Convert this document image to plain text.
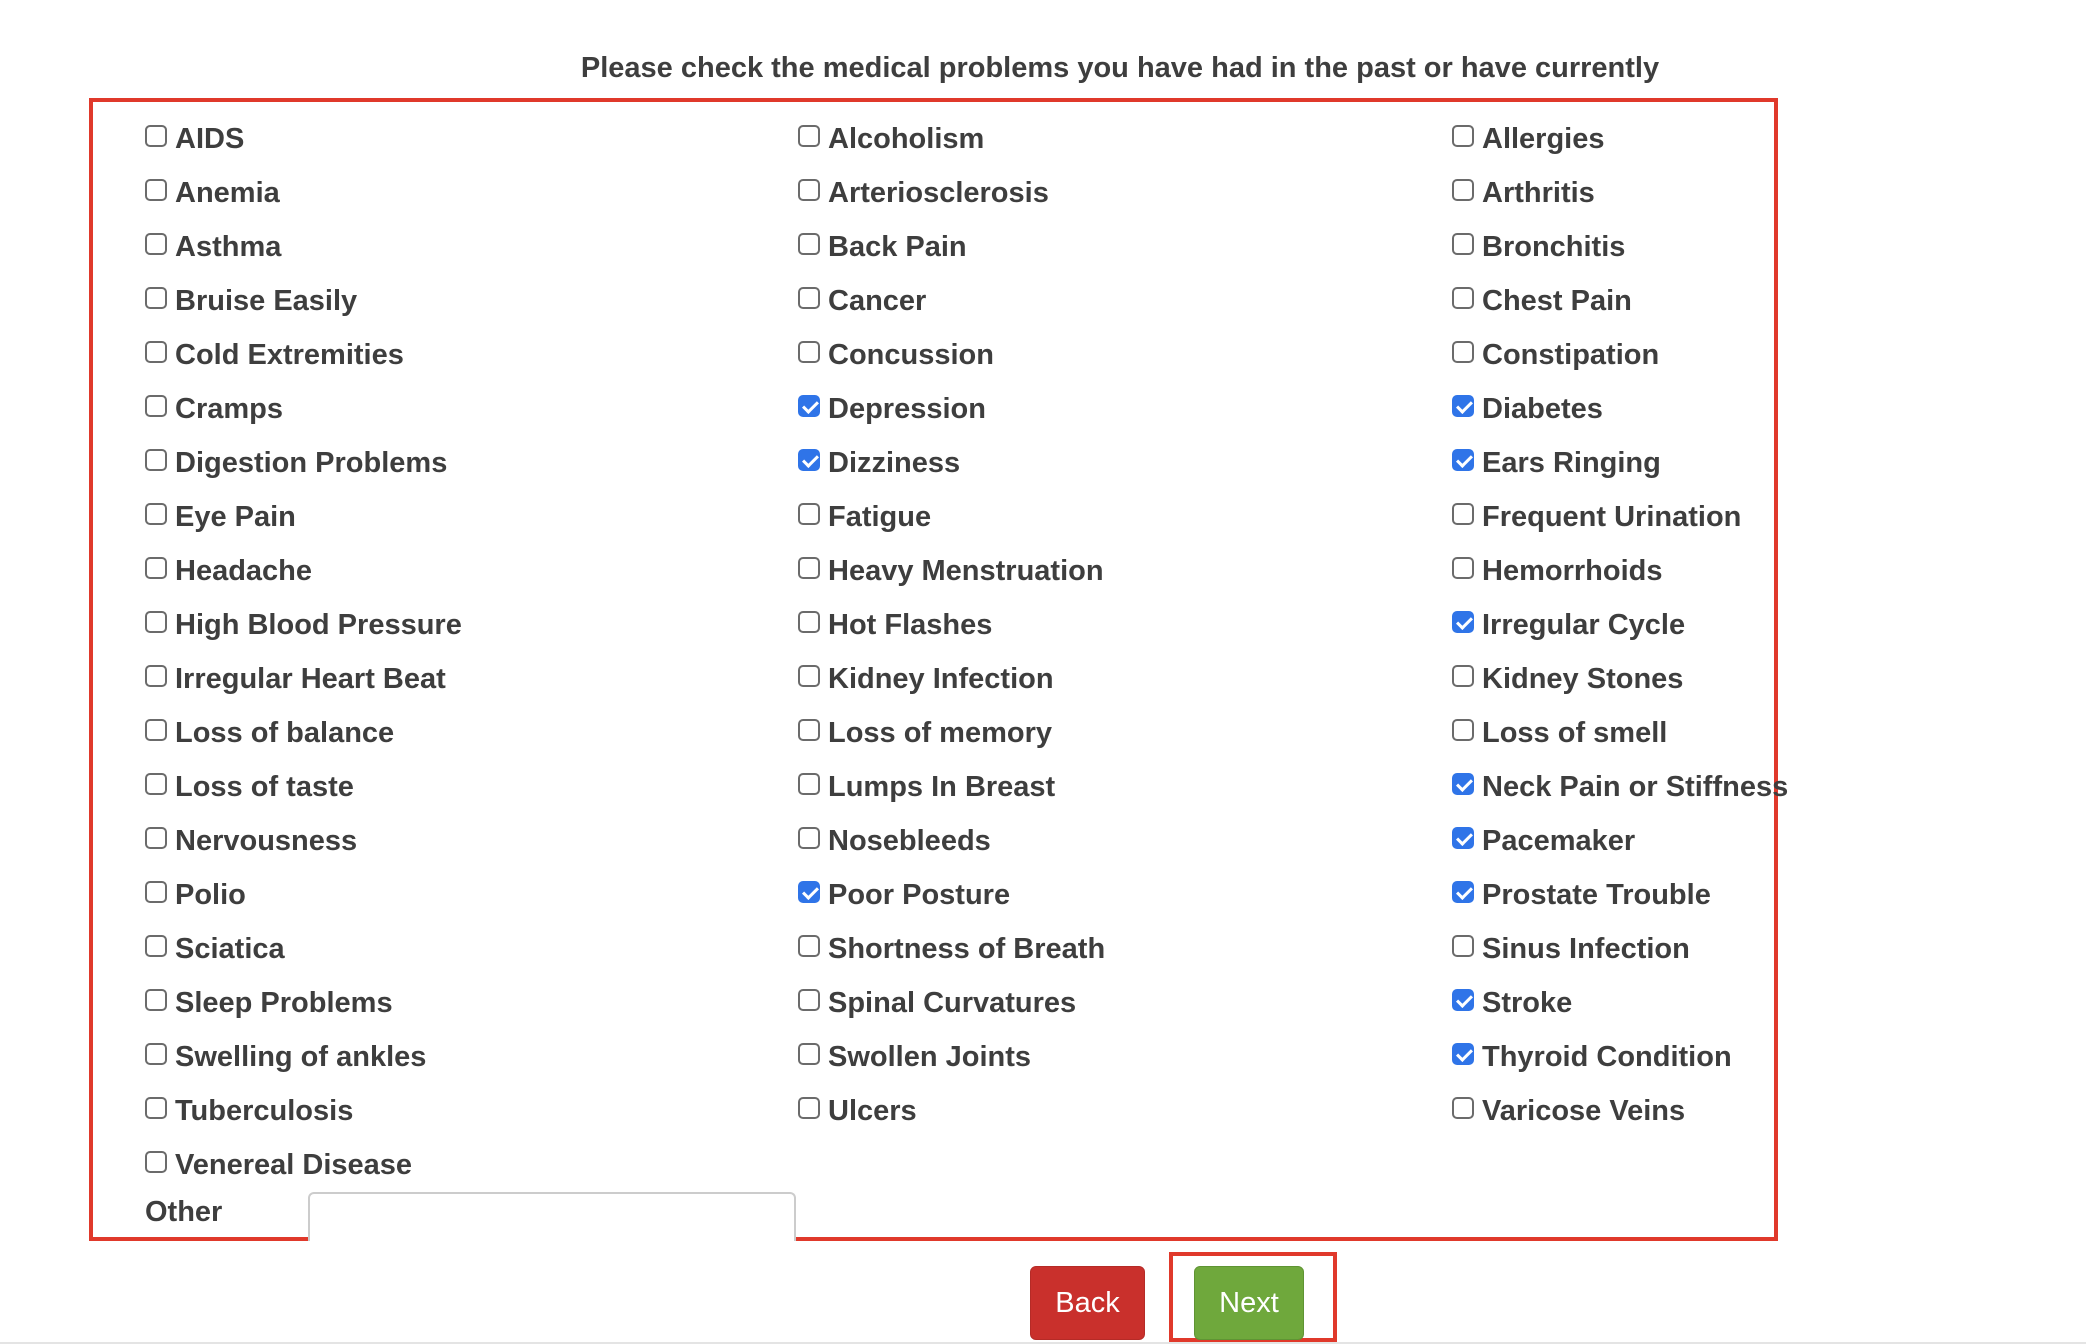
Please check the medical problems you have had in the past or have currently
AIDS
Anemia
Asthma
Bruise Easily
Cold Extremities
Cramps
Digestion Problems
Eye Pain
Headache
High Blood Pressure
Irregular Heart Beat
Loss of balance
Loss of taste
Nervousness
Polio
Sciatica
Sleep Problems
Swelling of ankles
Tuberculosis
Venereal Disease
Alcoholism
Arteriosclerosis
Back Pain
Cancer
Concussion
Depression
Dizziness
Fatigue
Heavy Menstruation
Hot Flashes
Kidney Infection
Loss of memory
Lumps In Breast
Nosebleeds
Poor Posture
Shortness of Breath
Spinal Curvatures
Swollen Joints
Ulcers
Allergies
Arthritis
Bronchitis
Chest Pain
Constipation
Diabetes
Ears Ringing
Frequent Urination
Hemorrhoids
Irregular Cycle
Kidney Stones
Loss of smell
Neck Pain or Stiffness
Pacemaker
Prostate Trouble
Sinus Infection
Stroke
Thyroid Condition
Varicose Veins
Other
Back	Next
